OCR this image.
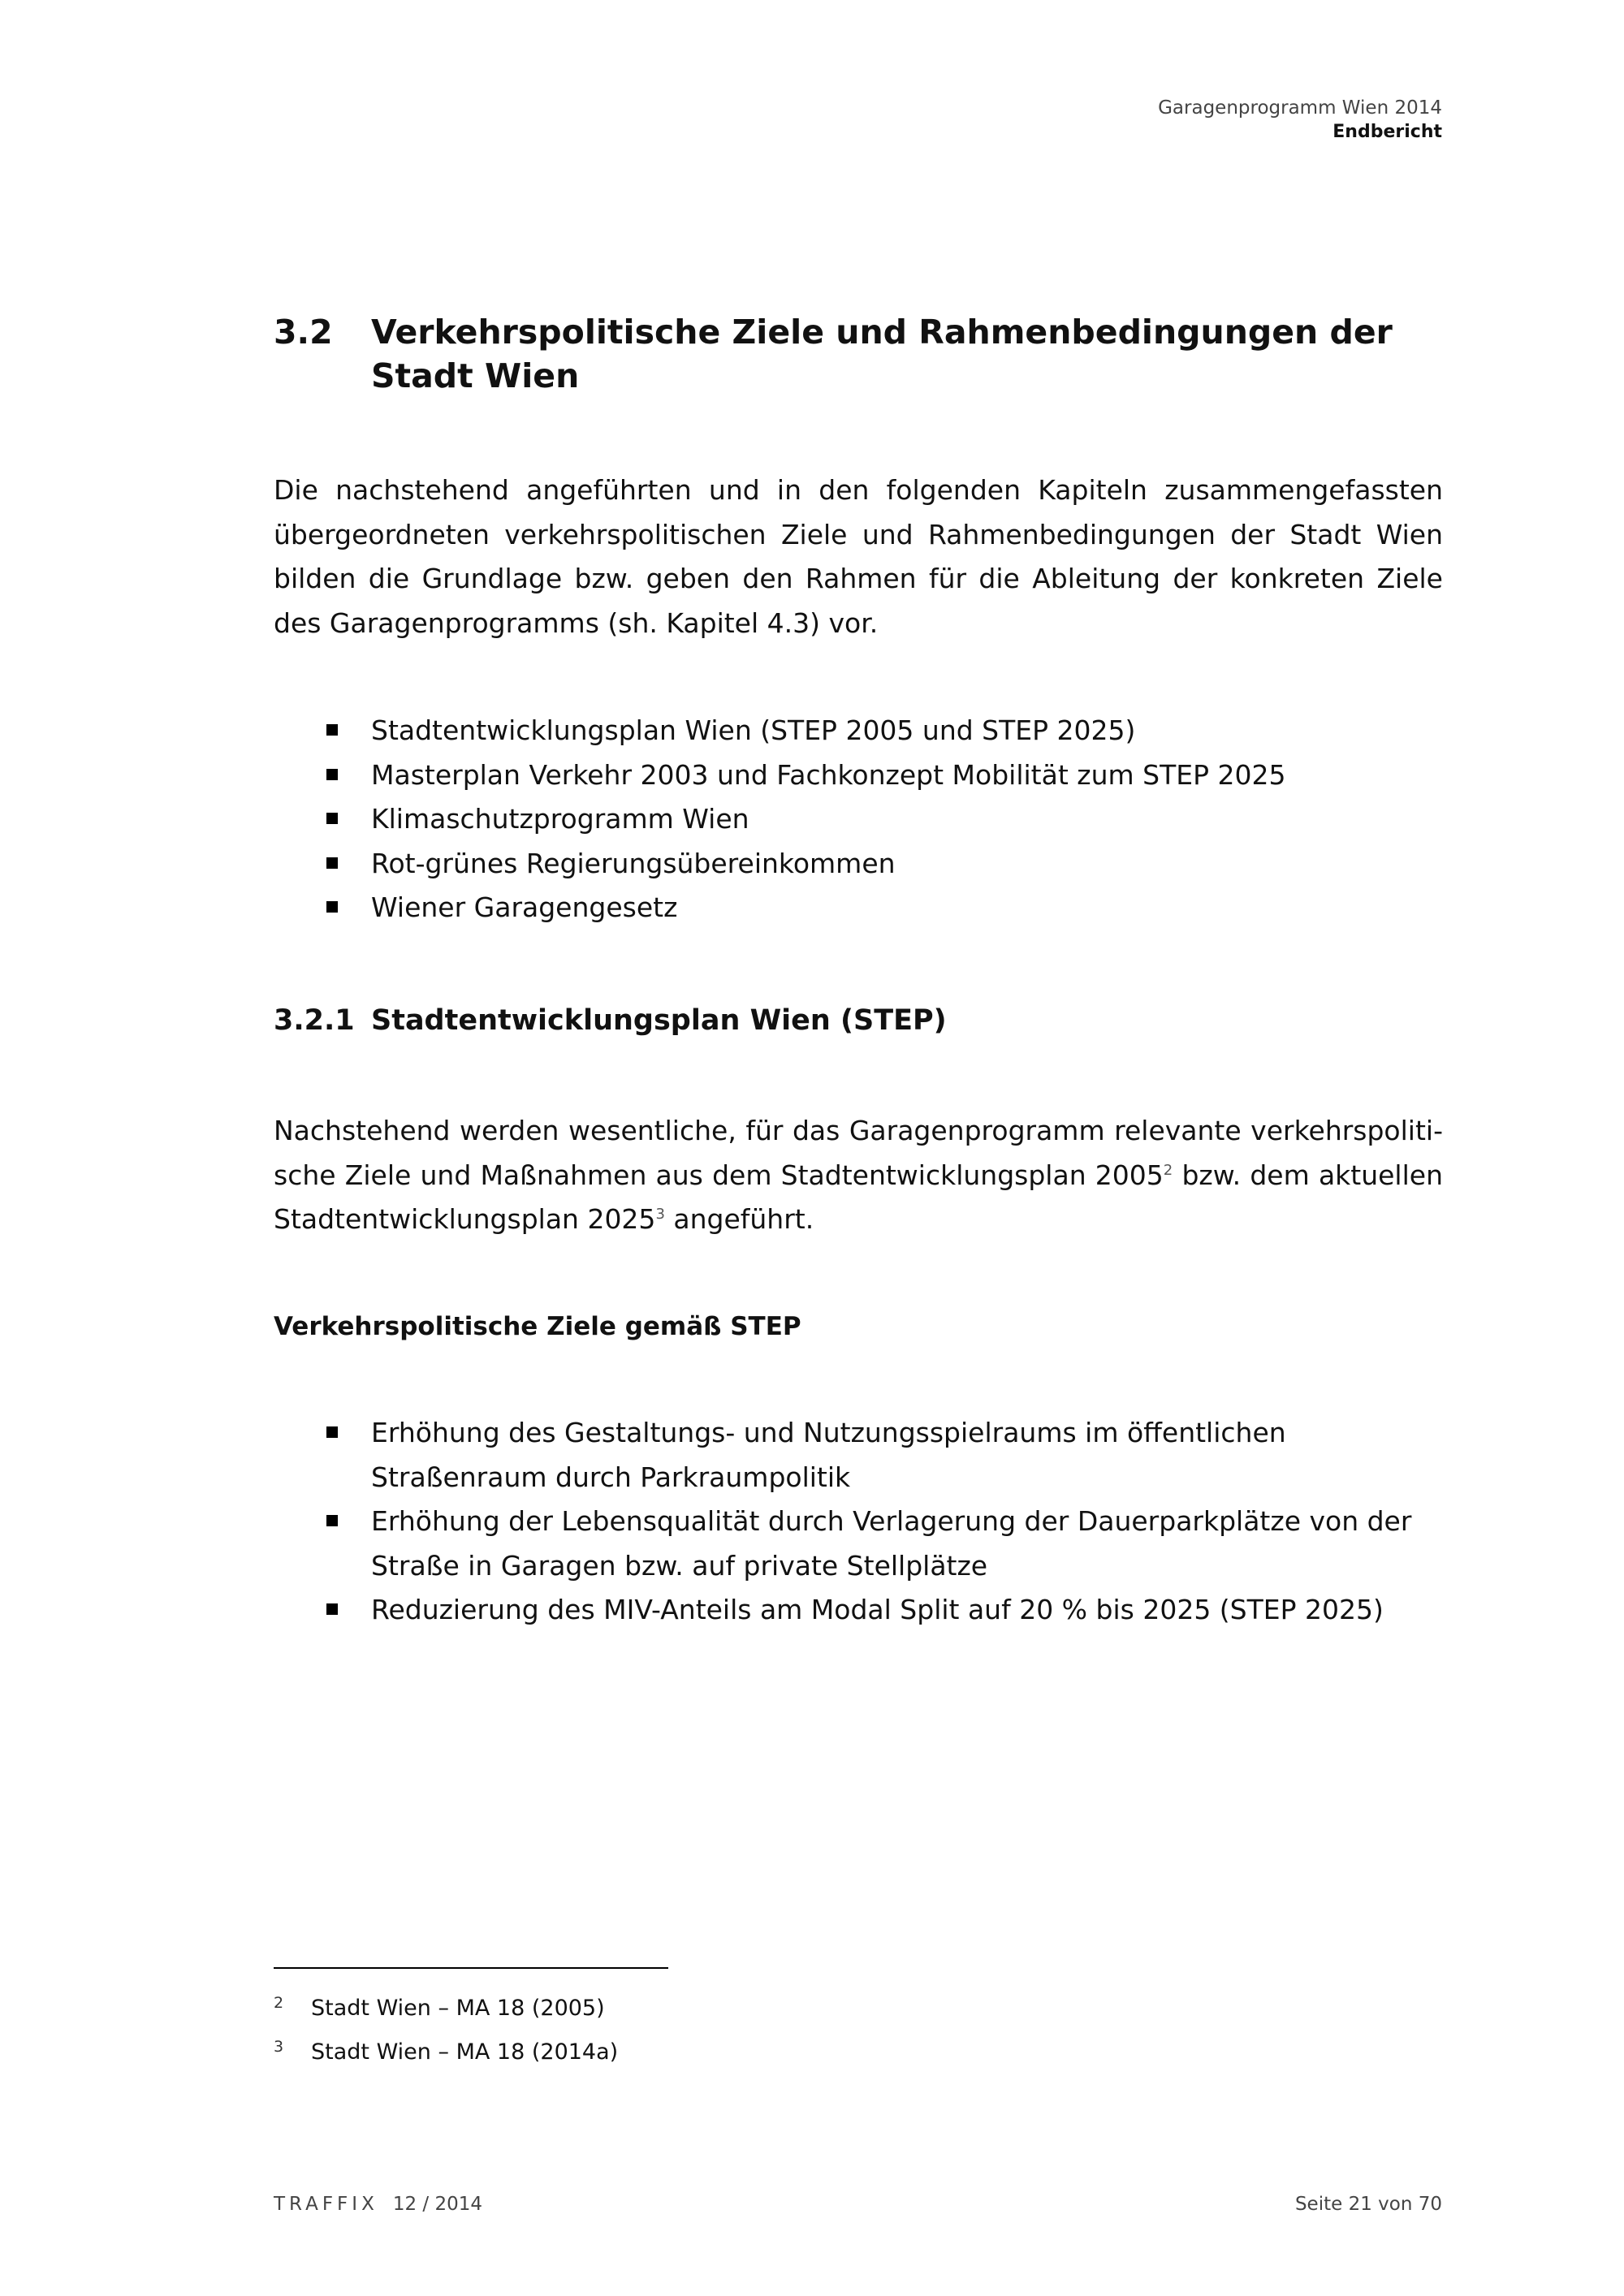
Garagenprogramm Wien 2014
Endbericht
3.2	Verkehrspolitische Ziele und Rahmenbedingungen der Stadt Wien

Die nachstehend angeführten und in den folgenden Kapiteln zusammengefassten übergeordneten verkehrspolitischen Ziele und Rahmenbedingungen der Stadt Wien bilden die Grundlage bzw. geben den Rahmen für die Ableitung der konkreten Ziele des Garagenprogramms (sh. Kapitel 4.3) vor.

Stadtentwicklungsplan Wien (STEP 2005 und STEP 2025)
Masterplan Verkehr 2003 und Fachkonzept Mobilität zum STEP 2025
Klimaschutzprogramm Wien
Rot-grünes Regierungsübereinkommen
Wiener Garagengesetz
3.2.1 Stadtentwicklungsplan Wien (STEP)

Nachstehend werden wesentliche, für das Garagenprogramm relevante verkehrspolitische Ziele und Maßnahmen aus dem Stadtentwicklungsplan 2005$^2$ bzw. dem aktuellen Stadtentwicklungsplan 2025$^3$ angeführt.

Verkehrspolitische Ziele gemäß STEP
Erhöhung des Gestaltungs- und Nutzungsspielraums im öffentlichen Straßenraum durch Parkraumpolitik
Erhöhung der Lebensqualität durch Verlagerung der Dauerparkplätze von der Straße in Garagen bzw. auf private Stellplätze
Reduzierung des MIV-Anteils am Modal Split auf 20 % bis 2025 (STEP 2025)
2	Stadt Wien – MA 18 (2005)
3	Stadt Wien – MA 18 (2014a)
TRAFFIX 12 / 2014	Seite 21 von 70
